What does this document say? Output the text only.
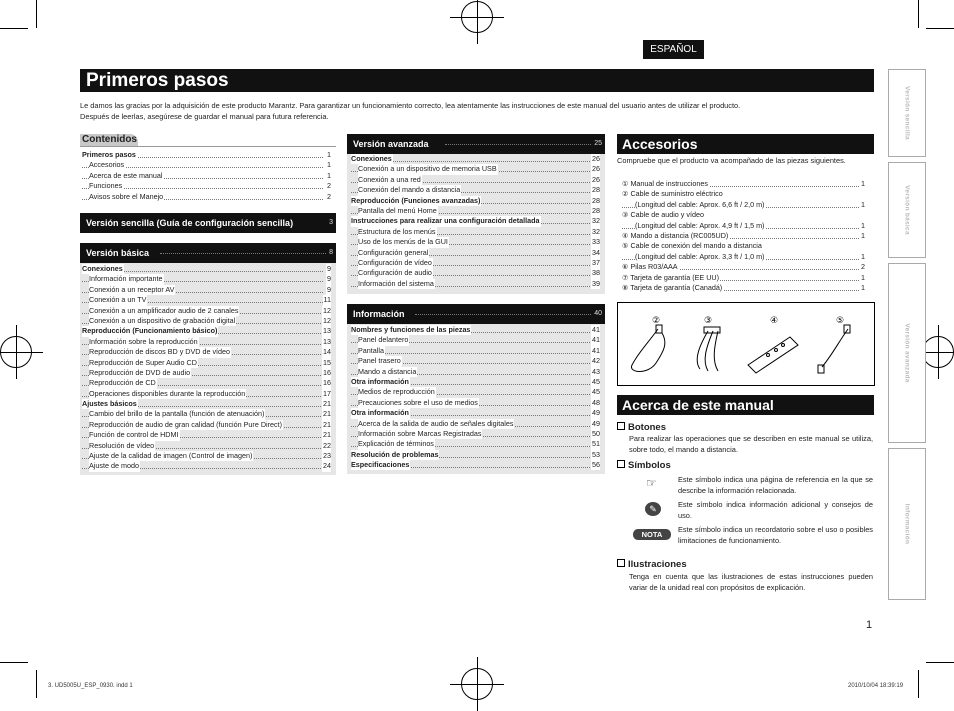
ESPAÑOL
Primeros pasos
Le damos las gracias por la adquisición de este producto Marantz. Para garantizar un funcionamiento correcto, lea atentamente las instrucciones de este manual del usuario antes de utilizar el producto.
Después de leerlas, asegúrese de guardar el manual para futura referencia.
Contenidos
Primeros pasos	1
Accesorios	1
Acerca de este manual	1
Funciones	2
Avisos sobre el Manejo	2
Versión sencilla (Guía de configuración sencilla)	3
Versión básica	8
Conexiones	9
Información importante	9
Conexión a un receptor AV	9
Conexión a un TV	11
Conexión a un amplificador audio de 2 canales	12
Conexión a un dispositivo de grabación digital	12
Reproducción (Funcionamiento básico)	13
Información sobre la reproducción	13
Reproducción de discos BD y DVD de vídeo	14
Reproducción de Super Audio CD	15
Reproducción de DVD de audio	16
Reproducción de CD	16
Operaciones disponibles durante la reproducción	17
Ajustes básicos	21
Cambio del brillo de la pantalla (función de atenuación)	21
Reproducción de audio de gran calidad (función Pure Direct)	21
Función de control de HDMI	21
Resolución de vídeo	22
Ajuste de la calidad de imagen (Control de imagen)	23
Ajuste de modo	24
Versión avanzada	25
Conexiones	26
Conexión a un dispositivo de memoria USB	26
Conexión a una red	26
Conexión del mando a distancia	28
Reproducción (Funciones avanzadas)	28
Pantalla del menú Home	28
Instrucciones para realizar una configuración detallada	32
Estructura de los menús	32
Uso de los menús de la GUI	33
Configuración general	34
Configuración de vídeo	37
Configuración de audio	38
Información del sistema	39
Información	40
Nombres y funciones de las piezas	41
Panel delantero	41
Pantalla	41
Panel trasero	42
Mando a distancia	43
Otra información	45
Medios de reproducción	45
Precauciones sobre el uso de medios	48
Otra información	49
Acerca de la salida de audio de señales digitales	49
Información sobre Marcas Registradas	50
Explicación de términos	51
Resolución de problemas	53
Especificaciones	56
Accesorios
Compruebe que el producto va acompañado de las piezas siguientes.
① Manual de instrucciones	1
② Cable de suministro eléctrico
(Longitud del cable: Aprox. 6,6 ft / 2,0 m)	1
③ Cable de audio y vídeo
(Longitud del cable: Aprox. 4,9 ft / 1,5 m)	1
④ Mando a distancia (RC005UD)	1
⑤ Cable de conexión del mando a distancia
(Longitud del cable: Aprox. 3,3 ft / 1,0 m)	1
⑥ Pilas R03/AAA	2
⑦ Tarjeta de garantía (EE UU)	1
⑧ Tarjeta de garantía (Canadá)	1
②	③	④	⑤
Acerca de este manual
Botones
Para realizar las operaciones que se describen en este manual se utiliza, sobre todo, el mando a distancia.
Símbolos
☞	Este símbolo indica una página de referencia en la que se describe la información relacionada.
✎	Este símbolo indica información adicional y consejos de uso.
NOTA
Este símbolo indica un recordatorio sobre el uso o posibles limitaciones de funcionamiento.
Ilustraciones
Tenga en cuenta que las ilustraciones de estas instrucciones pueden variar de la unidad real con propósitos de explicación.
Versión sencilla
Versión básica
Versión avanzada
Información
1
3. UD5005U_ESP_0930. indd 1	2010/10/04 18:39:19
